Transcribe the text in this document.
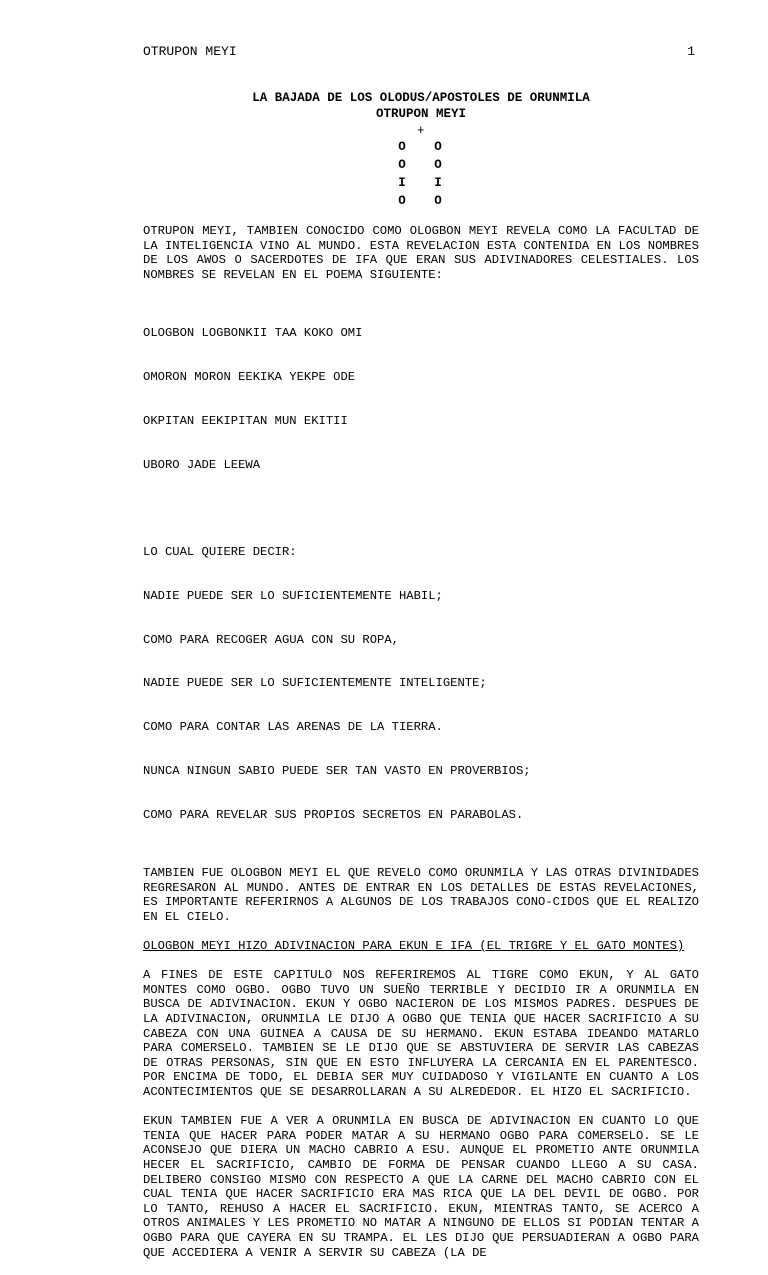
OTRUPON MEYI	1
LA BAJADA DE LOS OLODUS/APOSTOLES DE ORUNMILA
OTRUPON MEYI
+
O O
O O
I I
O O
OTRUPON MEYI, TAMBIEN CONOCIDO COMO OLOGBON MEYI REVELA COMO LA FACULTAD DE LA INTELIGENCIA VINO AL MUNDO. ESTA REVELACION ESTA CONTENIDA EN LOS NOMBRES DE LOS AWOS O SACERDOTES DE IFA QUE ERAN SUS ADIVINADORES CELESTIALES. LOS NOMBRES SE REVELAN EN EL POEMA SIGUIENTE:

OLOGBON LOGBONKII TAA KOKO OMI

OMORON MORON EEKIKA YEKPE ODE

OKPITAN EEKIPITAN MUN EKITII

UBORO JADE LEEWA

LO CUAL QUIERE DECIR:

NADIE PUEDE SER LO SUFICIENTEMENTE HABIL;

COMO PARA RECOGER AGUA CON SU ROPA,

NADIE PUEDE SER LO SUFICIENTEMENTE INTELIGENTE;

COMO PARA CONTAR LAS ARENAS DE LA TIERRA.

NUNCA NINGUN SABIO PUEDE SER TAN VASTO EN PROVERBIOS;

COMO PARA REVELAR SUS PROPIOS SECRETOS EN PARABOLAS.

TAMBIEN FUE OLOGBON MEYI EL QUE REVELO COMO ORUNMILA Y LAS OTRAS DIVINIDADES REGRESARON AL MUNDO. ANTES DE ENTRAR EN LOS DETALLES DE ESTAS REVELACIONES, ES IMPORTANTE REFERIRNOS A ALGUNOS DE LOS TRABAJOS CONO-CIDOS QUE EL REALIZO EN EL CIELO.
OLOGBON MEYI HIZO ADIVINACION PARA EKUN E IFA (EL TRIGRE Y EL GATO MONTES)
A FINES DE ESTE CAPITULO NOS REFERIREMOS AL TIGRE COMO EKUN, Y AL GATO MONTES COMO OGBO. OGBO TUVO UN SUEÑO TERRIBLE Y DECIDIO IR A ORUNMILA EN BUSCA DE ADIVINACION. EKUN Y OGBO NACIERON DE LOS MISMOS PADRES. DESPUES DE LA ADIVINACION, ORUNMILA LE DIJO A OGBO QUE TENIA QUE HACER SACRIFICIO A SU CABEZA CON UNA GUINEA A CAUSA DE SU HERMANO. EKUN ESTABA IDEANDO MATARLO PARA COMERSELO. TAMBIEN SE LE DIJO QUE SE ABSTUVIERA DE SERVIR LAS CABEZAS DE OTRAS PERSONAS, SIN QUE EN ESTO INFLUYERA LA CERCANIA EN EL PARENTESCO. POR ENCIMA DE TODO, EL DEBIA SER MUY CUIDADOSO Y VIGILANTE EN CUANTO A LOS ACONTECIMIENTOS QUE SE DESARROLLARAN A SU ALREDEDOR. EL HIZO EL SACRIFICIO.
EKUN TAMBIEN FUE A VER A ORUNMILA EN BUSCA DE ADIVINACION EN CUANTO LO QUE TENIA QUE HACER PARA PODER MATAR A SU HERMANO OGBO PARA COMERSELO. SE LE ACONSEJO QUE DIERA UN MACHO CABRIO A ESU. AUNQUE EL PROMETIO ANTE ORUNMILA HECER EL SACRIFICIO, CAMBIO DE FORMA DE PENSAR CUANDO LLEGO A SU CASA. DELIBERO CONSIGO MISMO CON RESPECTO A QUE LA CARNE DEL MACHO CABRIO CON EL CUAL TENIA QUE HACER SACRIFICIO ERA MAS RICA QUE LA DEL DEVIL DE OGBO. POR LO TANTO, REHUSO A HACER EL SACRIFICIO. EKUN, MIENTRAS TANTO, SE ACERCO A OTROS ANIMALES Y LES PROMETIO NO MATAR A NINGUNO DE ELLOS SI PODIAN TENTAR A OGBO PARA QUE CAYERA EN SU TRAMPA. EL LES DIJO QUE PERSUADIERAN A OGBO PARA QUE ACCEDIERA A VENIR A SERVIR SU CABEZA (LA DE
